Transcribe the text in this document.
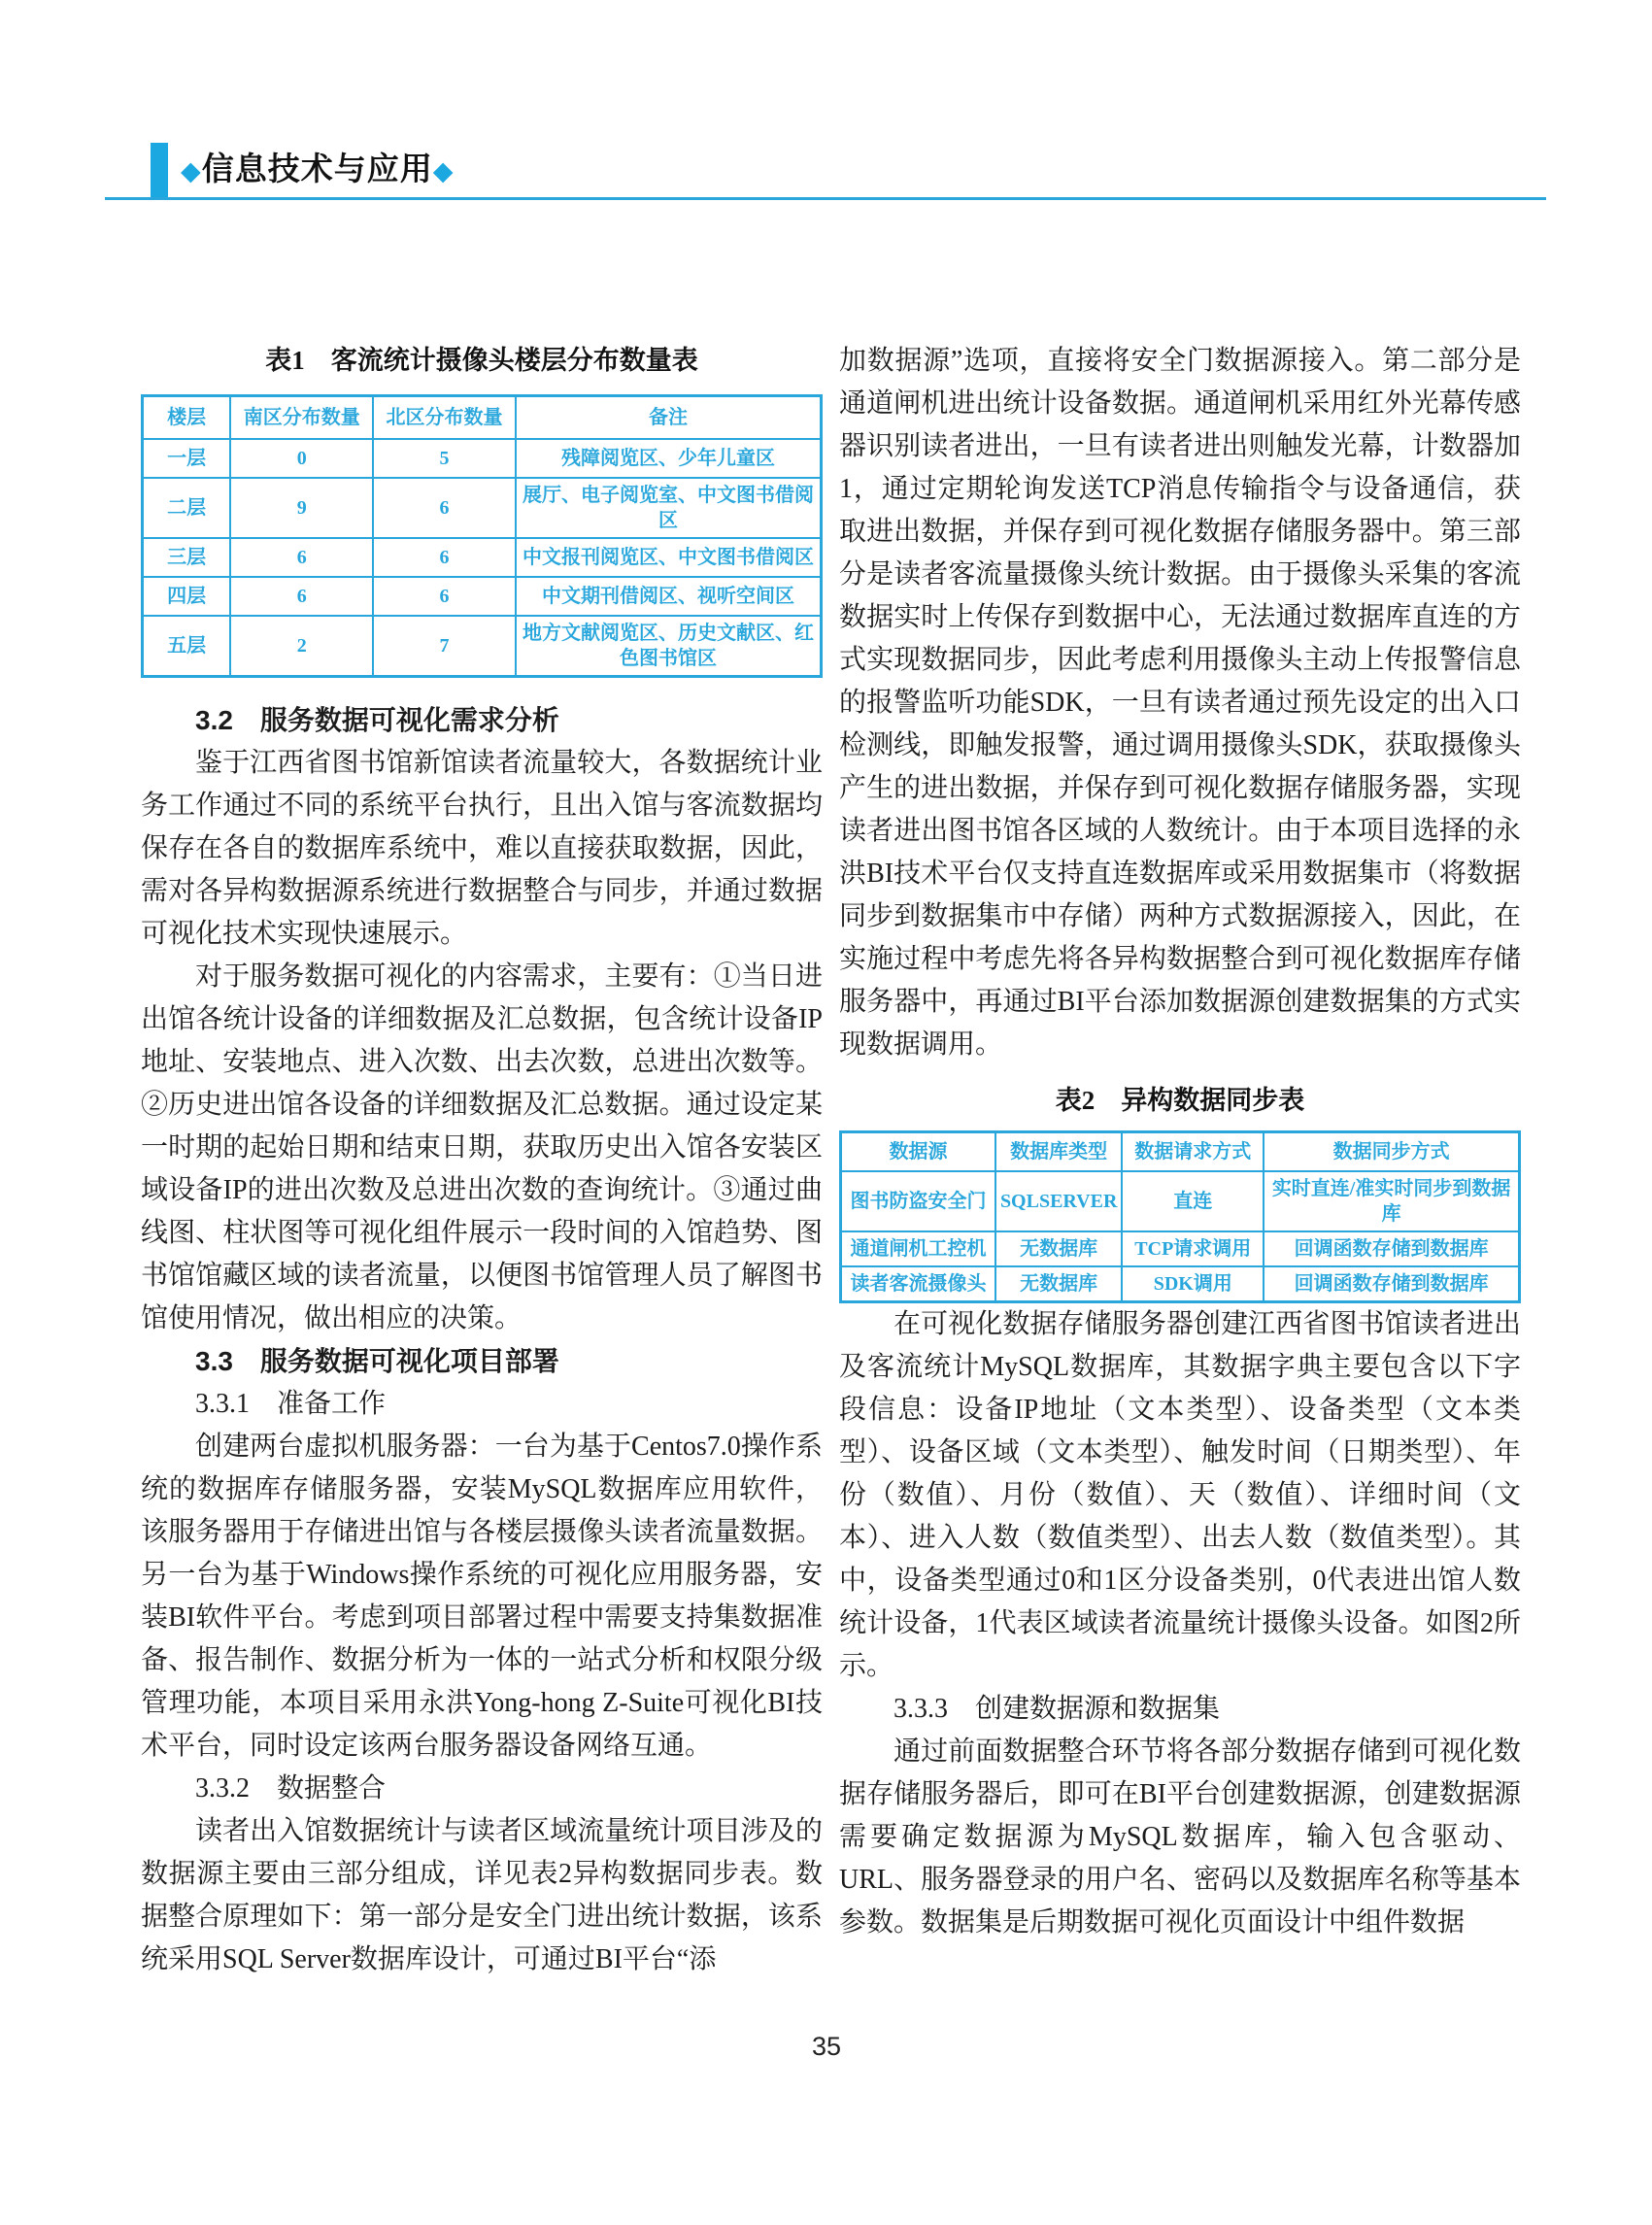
◆信息技术与应用◆
表1　客流统计摄像头楼层分布数量表
楼层	南区分布数量	北区分布数量	备注
一层	0	5	残障阅览区、少年儿童区
二层	9	6	展厅、电子阅览室、中文图书借阅区
三层	6	6	中文报刊阅览区、中文图书借阅区
四层	6	6	中文期刊借阅区、视听空间区
五层	2	7	地方文献阅览区、历史文献区、红色图书馆区
3.2　服务数据可视化需求分析

鉴于江西省图书馆新馆读者流量较大，各数据统计业务工作通过不同的系统平台执行，且出入馆与客流数据均保存在各自的数据库系统中，难以直接获取数据，因此，需对各异构数据源系统进行数据整合与同步，并通过数据可视化技术实现快速展示。

对于服务数据可视化的内容需求，主要有：①当日进出馆各统计设备的详细数据及汇总数据，包含统计设备IP地址、安装地点、进入次数、出去次数，总进出次数等。②历史进出馆各设备的详细数据及汇总数据。通过设定某一时期的起始日期和结束日期，获取历史出入馆各安装区域设备IP的进出次数及总进出次数的查询统计。③通过曲线图、柱状图等可视化组件展示一段时间的入馆趋势、图书馆馆藏区域的读者流量，以便图书馆管理人员了解图书馆使用情况，做出相应的决策。

3.3　服务数据可视化项目部署
3.3.1　准备工作

创建两台虚拟机服务器：一台为基于Centos7.0操作系统的数据库存储服务器，安装MySQL数据库应用软件，该服务器用于存储进出馆与各楼层摄像头读者流量数据。另一台为基于Windows操作系统的可视化应用服务器，安装BI软件平台。考虑到项目部署过程中需要支持集数据准备、报告制作、数据分析为一体的一站式分析和权限分级管理功能，本项目采用永洪Yong-hong Z-Suite可视化BI技术平台，同时设定该两台服务器设备网络互通。

3.3.2　数据整合

读者出入馆数据统计与读者区域流量统计项目涉及的数据源主要由三部分组成，详见表2异构数据同步表。数据整合原理如下：第一部分是安全门进出统计数据，该系统采用SQL Server数据库设计，可通过BI平台“添

加数据源”选项，直接将安全门数据源接入。第二部分是通道闸机进出统计设备数据。通道闸机采用红外光幕传感器识别读者进出，一旦有读者进出则触发光幕，计数器加1，通过定期轮询发送TCP消息传输指令与设备通信，获取进出数据，并保存到可视化数据存储服务器中。第三部分是读者客流量摄像头统计数据。由于摄像头采集的客流数据实时上传保存到数据中心，无法通过数据库直连的方式实现数据同步，因此考虑利用摄像头主动上传报警信息的报警监听功能SDK，一旦有读者通过预先设定的出入口检测线，即触发报警，通过调用摄像头SDK，获取摄像头产生的进出数据，并保存到可视化数据存储服务器，实现读者进出图书馆各区域的人数统计。由于本项目选择的永洪BI技术平台仅支持直连数据库或采用数据集市（将数据同步到数据集市中存储）两种方式数据源接入，因此，在实施过程中考虑先将各异构数据整合到可视化数据库存储服务器中，再通过BI平台添加数据源创建数据集的方式实现数据调用。

表2　异构数据同步表
数据源	数据库类型	数据请求方式	数据同步方式
图书防盗安全门	SQLSERVER	直连	实时直连/准实时同步到数据库
通道闸机工控机	无数据库	TCP请求调用	回调函数存储到数据库
读者客流摄像头	无数据库	SDK调用	回调函数存储到数据库

在可视化数据存储服务器创建江西省图书馆读者进出及客流统计MySQL数据库，其数据字典主要包含以下字段信息：设备IP地址（文本类型）、设备类型（文本类型）、设备区域（文本类型）、触发时间（日期类型）、年份（数值）、月份（数值）、天（数值）、详细时间（文本）、进入人数（数值类型）、出去人数（数值类型）。其中，设备类型通过0和1区分设备类别，0代表进出馆人数统计设备，1代表区域读者流量统计摄像头设备。如图2所示。

3.3.3　创建数据源和数据集

通过前面数据整合环节将各部分数据存储到可视化数据存储服务器后，即可在BI平台创建数据源，创建数据源需要确定数据源为MySQL数据库，输入包含驱动、URL、服务器登录的用户名、密码以及数据库名称等基本参数。数据集是后期数据可视化页面设计中组件数据

35
